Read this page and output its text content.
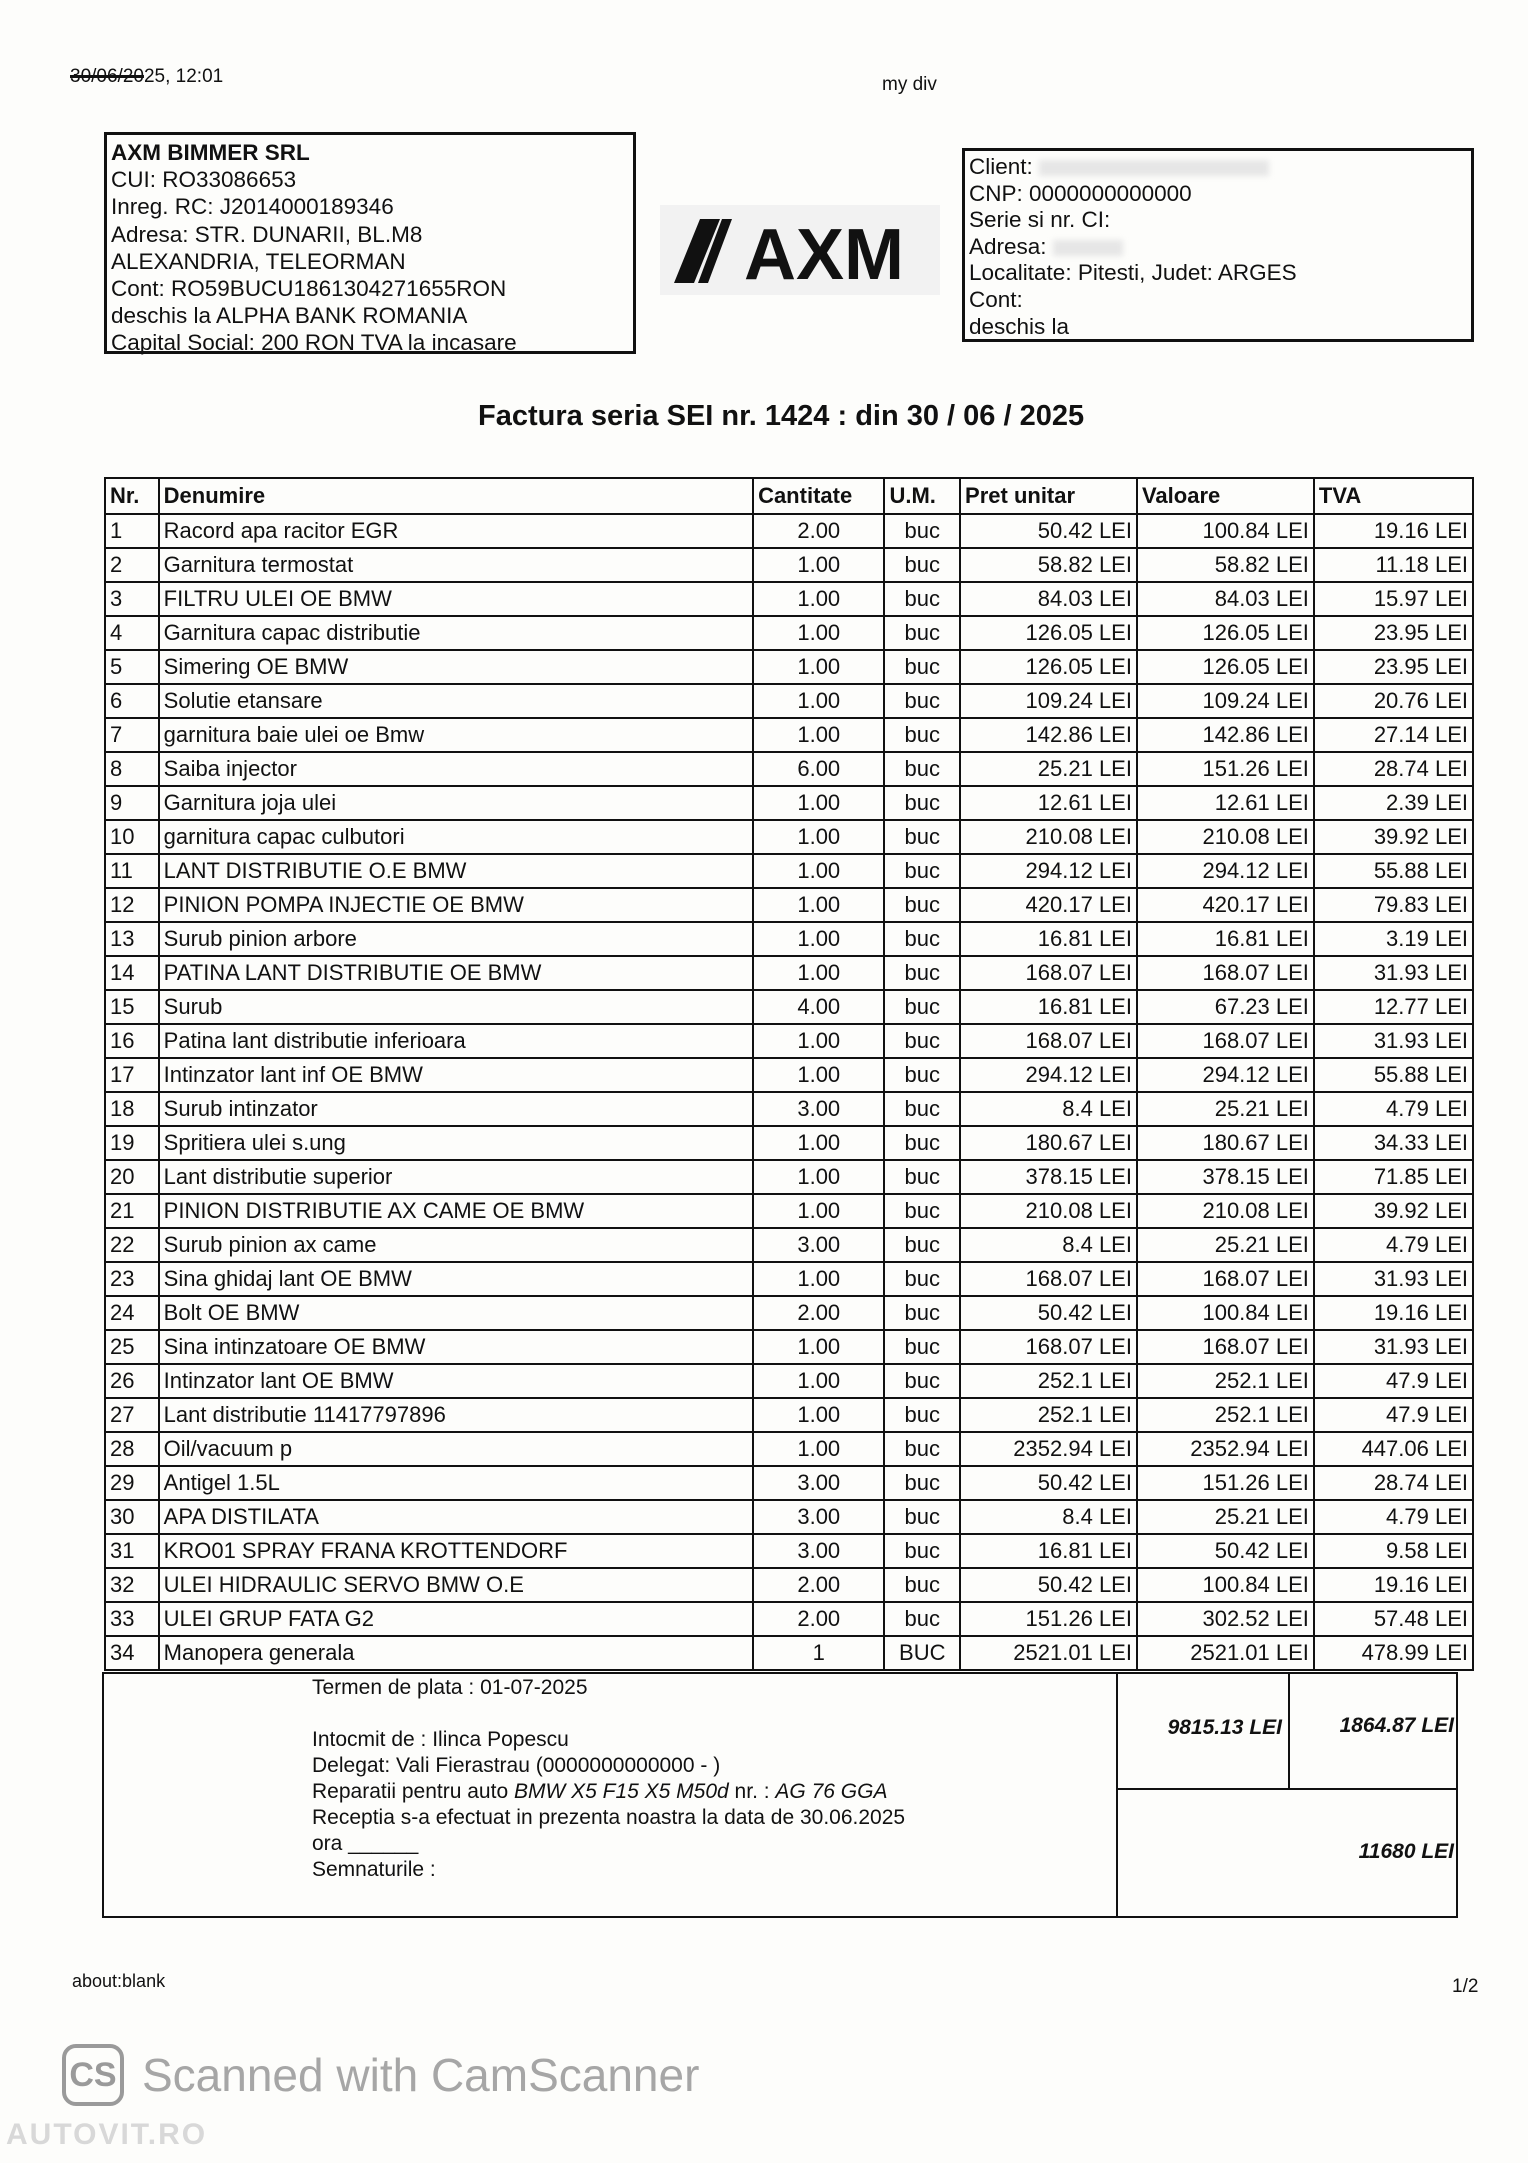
30/06/2025, 12:01	my div
AXM BIMMER SRL
CUI: RO33086653
Inreg. RC: J2014000189346
Adresa: STR. DUNARII, BL.M8
ALEXANDRIA, TELEORMAN
Cont: RO59BUCU1861304271655RON
deschis la ALPHA BANK ROMANIA
Capital Social: 200 RON TVA la incasare
AXM
Client:
CNP: 0000000000000
Serie si nr. CI:
Adresa:
Localitate: Pitesti, Judet: ARGES
Cont:
deschis la
Factura seria SEI nr. 1424 : din 30 / 06 / 2025
Nr.	Denumire	Cantitate	U.M.	Pret unitar	Valoare	TVA
1	Racord apa racitor EGR	2.00	buc	50.42 LEI	100.84 LEI	19.16 LEI
2	Garnitura termostat	1.00	buc	58.82 LEI	58.82 LEI	11.18 LEI
3	FILTRU ULEI OE BMW	1.00	buc	84.03 LEI	84.03 LEI	15.97 LEI
4	Garnitura capac distributie	1.00	buc	126.05 LEI	126.05 LEI	23.95 LEI
5	Simering OE BMW	1.00	buc	126.05 LEI	126.05 LEI	23.95 LEI
6	Solutie etansare	1.00	buc	109.24 LEI	109.24 LEI	20.76 LEI
7	garnitura baie ulei oe Bmw	1.00	buc	142.86 LEI	142.86 LEI	27.14 LEI
8	Saiba injector	6.00	buc	25.21 LEI	151.26 LEI	28.74 LEI
9	Garnitura joja ulei	1.00	buc	12.61 LEI	12.61 LEI	2.39 LEI
10	garnitura capac culbutori	1.00	buc	210.08 LEI	210.08 LEI	39.92 LEI
11	LANT DISTRIBUTIE O.E BMW	1.00	buc	294.12 LEI	294.12 LEI	55.88 LEI
12	PINION POMPA INJECTIE OE BMW	1.00	buc	420.17 LEI	420.17 LEI	79.83 LEI
13	Surub pinion arbore	1.00	buc	16.81 LEI	16.81 LEI	3.19 LEI
14	PATINA LANT DISTRIBUTIE OE BMW	1.00	buc	168.07 LEI	168.07 LEI	31.93 LEI
15	Surub	4.00	buc	16.81 LEI	67.23 LEI	12.77 LEI
16	Patina lant distributie inferioara	1.00	buc	168.07 LEI	168.07 LEI	31.93 LEI
17	Intinzator lant inf OE BMW	1.00	buc	294.12 LEI	294.12 LEI	55.88 LEI
18	Surub intinzator	3.00	buc	8.4 LEI	25.21 LEI	4.79 LEI
19	Spritiera ulei s.ung	1.00	buc	180.67 LEI	180.67 LEI	34.33 LEI
20	Lant distributie superior	1.00	buc	378.15 LEI	378.15 LEI	71.85 LEI
21	PINION DISTRIBUTIE AX CAME OE BMW	1.00	buc	210.08 LEI	210.08 LEI	39.92 LEI
22	Surub pinion ax came	3.00	buc	8.4 LEI	25.21 LEI	4.79 LEI
23	Sina ghidaj lant OE BMW	1.00	buc	168.07 LEI	168.07 LEI	31.93 LEI
24	Bolt OE BMW	2.00	buc	50.42 LEI	100.84 LEI	19.16 LEI
25	Sina intinzatoare OE BMW	1.00	buc	168.07 LEI	168.07 LEI	31.93 LEI
26	Intinzator lant OE BMW	1.00	buc	252.1 LEI	252.1 LEI	47.9 LEI
27	Lant distributie 11417797896	1.00	buc	252.1 LEI	252.1 LEI	47.9 LEI
28	Oil/vacuum p	1.00	buc	2352.94 LEI	2352.94 LEI	447.06 LEI
29	Antigel 1.5L	3.00	buc	50.42 LEI	151.26 LEI	28.74 LEI
30	APA DISTILATA	3.00	buc	8.4 LEI	25.21 LEI	4.79 LEI
31	KRO01 SPRAY FRANA KROTTENDORF	3.00	buc	16.81 LEI	50.42 LEI	9.58 LEI
32	ULEI HIDRAULIC SERVO BMW O.E	2.00	buc	50.42 LEI	100.84 LEI	19.16 LEI
33	ULEI GRUP FATA G2	2.00	buc	151.26 LEI	302.52 LEI	57.48 LEI
34	Manopera generala	1	BUC	2521.01 LEI	2521.01 LEI	478.99 LEI
Termen de plata : 01-07-2025
Intocmit de : Ilinca Popescu
Delegat: Vali Fierastrau (0000000000000 - )
Reparatii pentru auto BMW X5 F15 X5 M50d nr. : AG 76 GGA
Receptia s-a efectuat in prezenta noastra la data de 30.06.2025
ora ______
Semnaturile :
9815.13 LEI	1864.87 LEI
11680 LEI
about:blank	1/2
CS Scanned with CamScanner
AUTOVIT.RO
